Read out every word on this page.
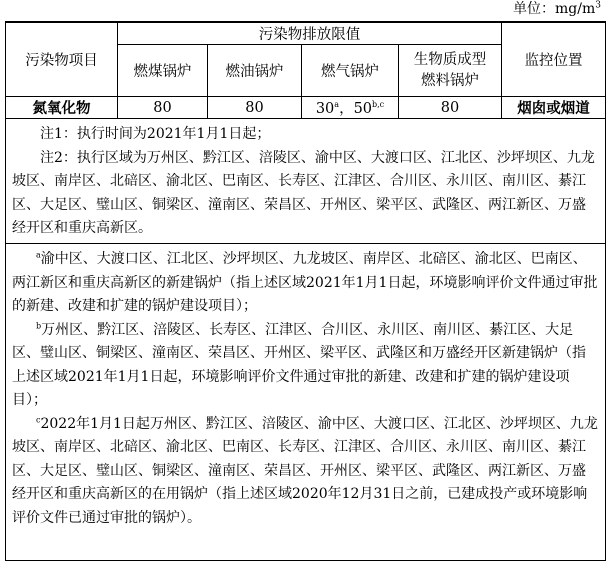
单位：$mg/m^3$
污染物项目	污染物排放限值				监控位置
	燃煤锅炉	燃油锅炉	燃气锅炉	生物质成型
燃料锅炉	
氮氧化物	80	80	30$^a$，50$^{b,c}$	80	烟囱或烟道

注1：执行时间为2021年1月1日起；

注2：执行区域为万州区、黔江区、涪陵区、渝中区、大渡口区、江北区、沙坪坝区、九龙坡区、南岸区、北碚区、渝北区、巴南区、长寿区、江津区、合川区、永川区、南川区、綦江区、大足区、璧山区、铜梁区、潼南区、荣昌区、开州区、梁平区、武隆区、两江新区、万盛经开区和重庆高新区。					

$^a$渝中区、大渡口区、江北区、沙坪坝区、九龙坡区、南岸区、北碚区、渝北区、巴南区、两江新区和重庆高新区的新建锅炉（指上述区域2021年1月1日起，环境影响评价文件通过审批的新建、改建和扩建的锅炉建设项目）；

$^b$万州区、黔江区、涪陵区、长寿区、江津区、合川区、永川区、南川区、綦江区、大足区、璧山区、铜梁区、潼南区、荣昌区、开州区、梁平区、武隆区和万盛经开区新建锅炉（指上述区域2021年1月1日起，环境影响评价文件通过审批的新建、改建和扩建的锅炉建设项目）；

$^c$2022年1月1日起万州区、黔江区、涪陵区、渝中区、大渡口区、江北区、沙坪坝区、九龙坡区、南岸区、北碚区、渝北区、巴南区、长寿区、江津区、合川区、永川区、南川区、綦江区、大足区、璧山区、铜梁区、潼南区、荣昌区、开州区、梁平区、武隆区、两江新区、万盛经开区和重庆高新区的在用锅炉（指上述区域2020年12月31日之前，已建成投产或环境影响评价文件已通过审批的锅炉）。					
